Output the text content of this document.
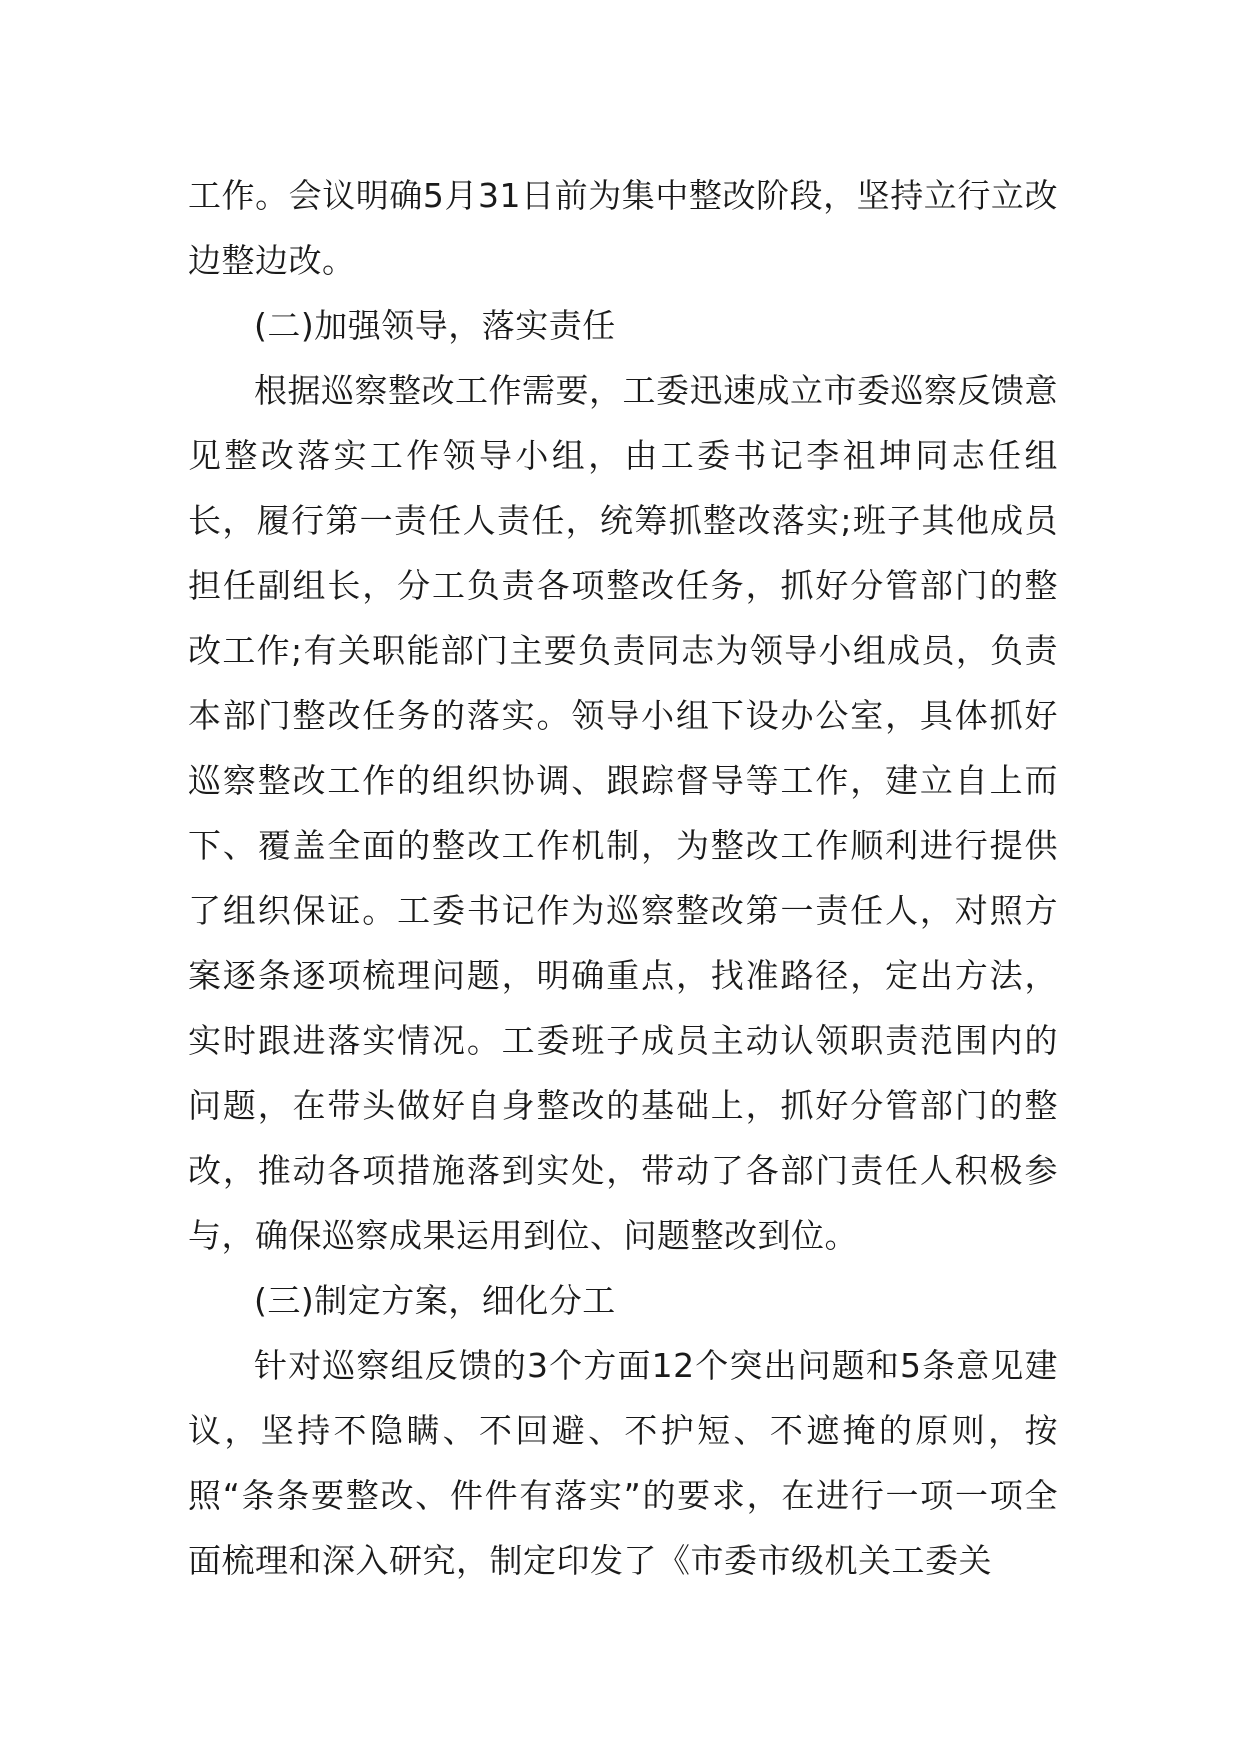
工作。会议明确5月31日前为集中整改阶段，坚持立行立改边整边改。

(二)加强领导，落实责任

根据巡察整改工作需要，工委迅速成立市委巡察反馈意见整改落实工作领导小组，由工委书记李祖坤同志任组长，履行第一责任人责任，统筹抓整改落实;班子其他成员担任副组长，分工负责各项整改任务，抓好分管部门的整改工作;有关职能部门主要负责同志为领导小组成员，负责本部门整改任务的落实。领导小组下设办公室，具体抓好巡察整改工作的组织协调、跟踪督导等工作，建立自上而下、覆盖全面的整改工作机制，为整改工作顺利进行提供了组织保证。工委书记作为巡察整改第一责任人，对照方案逐条逐项梳理问题，明确重点，找准路径，定出方法，实时跟进落实情况。工委班子成员主动认领职责范围内的问题，在带头做好自身整改的基础上，抓好分管部门的整改，推动各项措施落到实处，带动了各部门责任人积极参与，确保巡察成果运用到位、问题整改到位。

(三)制定方案，细化分工

针对巡察组反馈的3个方面12个突出问题和5条意见建议，坚持不隐瞒、不回避、不护短、不遮掩的原则，按照“条条要整改、件件有落实”的要求，在进行一项一项全面梳理和深入研究，制定印发了《市委市级机关工委关
